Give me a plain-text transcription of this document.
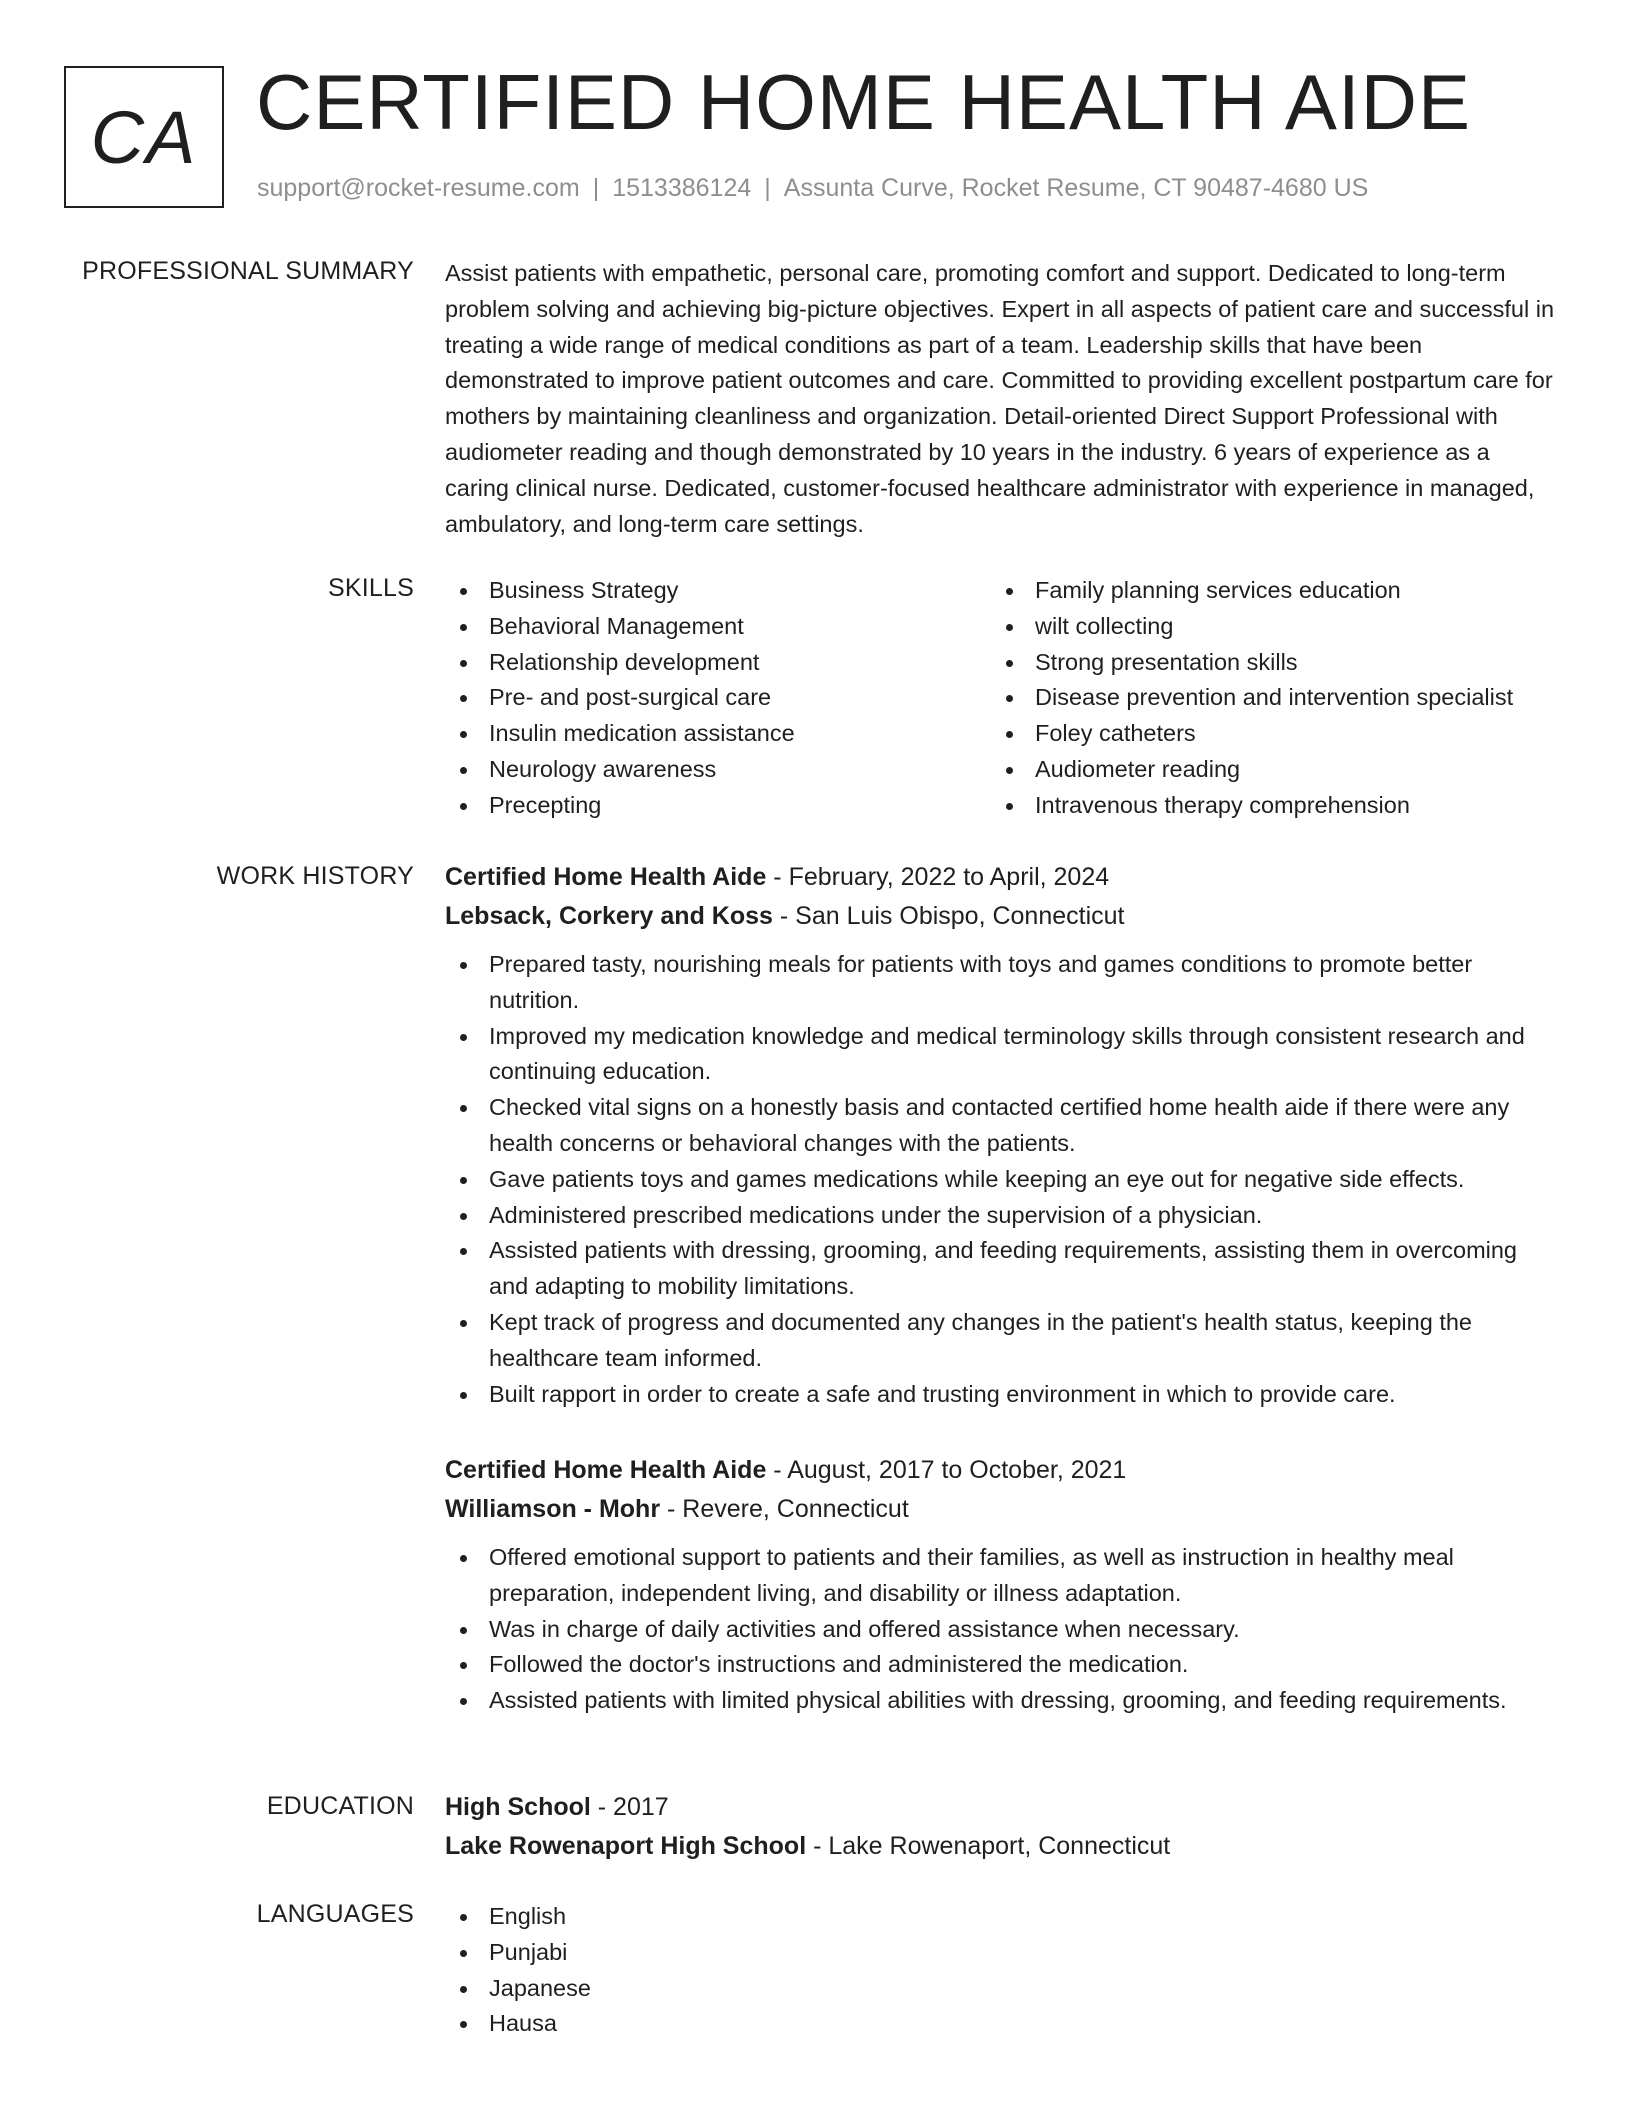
CA CERTIFIED HOME HEALTH AIDE
support@rocket-resume.com | 1513386124 | Assunta Curve, Rocket Resume, CT 90487-4680 US
PROFESSIONAL SUMMARY Assist patients with empathetic, personal care, promoting comfort and support. Dedicated to long-term problem solving and achieving big-picture objectives. Expert in all aspects of patient care and successful in treating a wide range of medical conditions as part of a team. Leadership skills that have been demonstrated to improve patient outcomes and care. Committed to providing excellent postpartum care for mothers by maintaining cleanliness and organization. Detail-oriented Direct Support Professional with audiometer reading and though demonstrated by 10 years in the industry. 6 years of experience as a caring clinical nurse. Dedicated, customer-focused healthcare administrator with experience in managed, ambulatory, and long-term care settings.
SKILLS	Business Strategy
Behavioral Management
Relationship development
Pre- and post-surgical care
Insulin medication assistance
Neurology awareness
Precepting
Family planning services education
wilt collecting
Strong presentation skills
Disease prevention and intervention specialist
Foley catheters
Audiometer reading
Intravenous therapy comprehension
WORK HISTORY Certified Home Health Aide - February, 2022 to April, 2024
Lebsack, Corkery and Koss - San Luis Obispo, Connecticut
Prepared tasty, nourishing meals for patients with toys and games conditions to promote better nutrition.
Improved my medication knowledge and medical terminology skills through consistent research and continuing education.
Checked vital signs on a honestly basis and contacted certified home health aide if there were any health concerns or behavioral changes with the patients.
Gave patients toys and games medications while keeping an eye out for negative side effects.
Administered prescribed medications under the supervision of a physician.
Assisted patients with dressing, grooming, and feeding requirements, assisting them in overcoming and adapting to mobility limitations.
Kept track of progress and documented any changes in the patient's health status, keeping the healthcare team informed.
Built rapport in order to create a safe and trusting environment in which to provide care.
Certified Home Health Aide - August, 2017 to October, 2021
Williamson - Mohr - Revere, Connecticut
Offered emotional support to patients and their families, as well as instruction in healthy meal preparation, independent living, and disability or illness adaptation.
Was in charge of daily activities and offered assistance when necessary.
Followed the doctor's instructions and administered the medication.
Assisted patients with limited physical abilities with dressing, grooming, and feeding requirements.
EDUCATION High School - 2017
Lake Rowenaport High School - Lake Rowenaport, Connecticut
LANGUAGES	English
Punjabi
Japanese
Hausa
